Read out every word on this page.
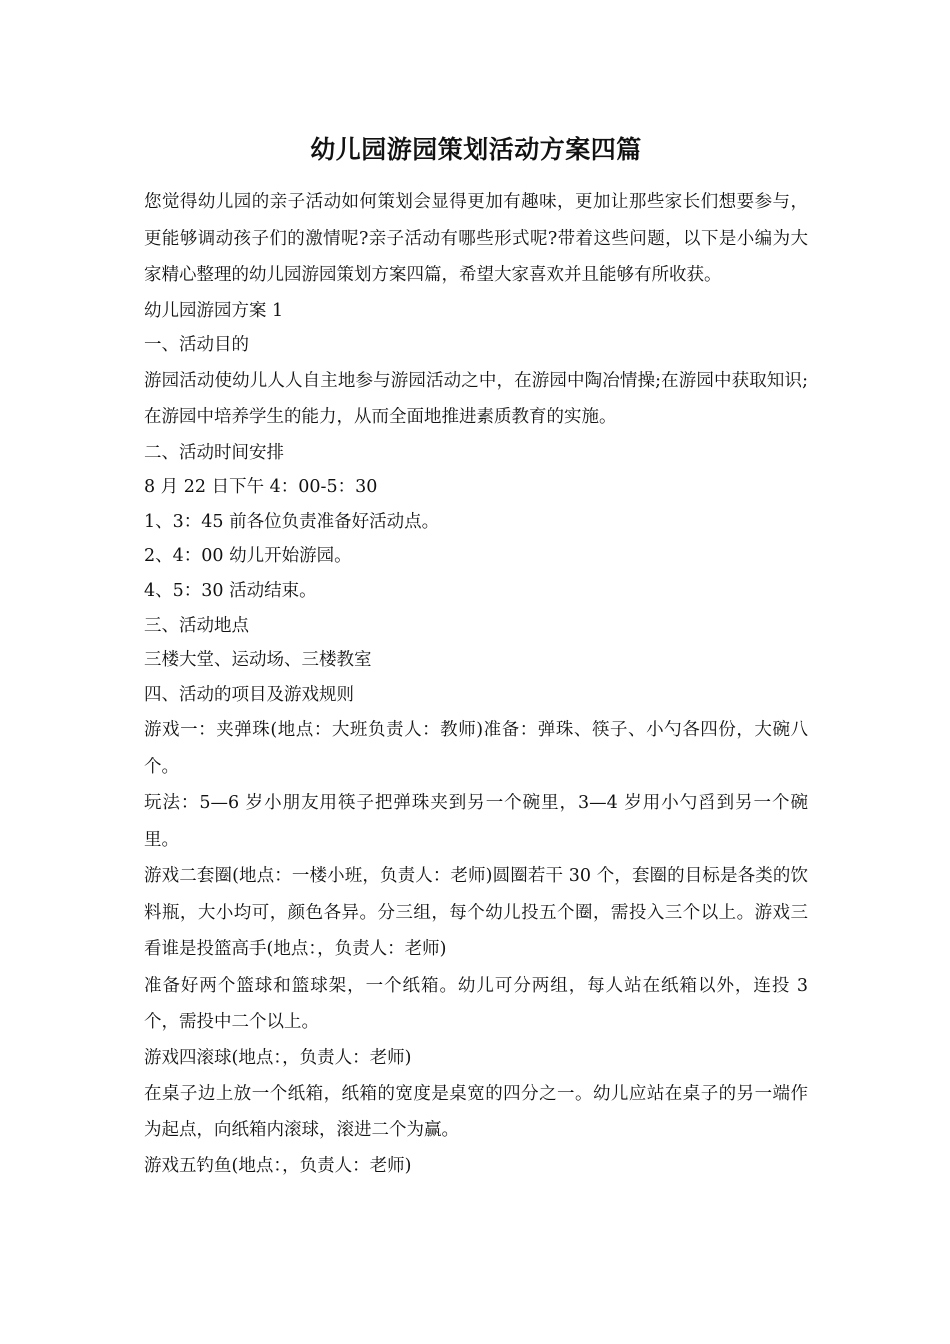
幼儿园游园策划活动方案四篇

您觉得幼儿园的亲子活动如何策划会显得更加有趣味，更加让那些家长们想要参与，更能够调动孩子们的激情呢?亲子活动有哪些形式呢?带着这些问题，以下是小编为大家精心整理的幼儿园游园策划方案四篇，希望大家喜欢并且能够有所收获。

幼儿园游园方案 1

一、活动目的

游园活动使幼儿人人自主地参与游园活动之中，在游园中陶冶情操;在游园中获取知识;在游园中培养学生的能力，从而全面地推进素质教育的实施。

二、活动时间安排

8 月 22 日下午 4：00-5：30

1、3：45 前各位负责准备好活动点。

2、4：00 幼儿开始游园。

4、5：30 活动结束。

三、活动地点

三楼大堂、运动场、三楼教室

四、活动的项目及游戏规则

游戏一：夹弹珠(地点：大班负责人：教师)准备：弹珠、筷子、小勺各四份，大碗八个。

玩法：5—6 岁小朋友用筷子把弹珠夹到另一个碗里，3—4 岁用小勺舀到另一个碗里。

游戏二套圈(地点：一楼小班，负责人：老师)圆圈若干 30 个，套圈的目标是各类的饮料瓶，大小均可，颜色各异。分三组，每个幼儿投五个圈，需投入三个以上。游戏三看谁是投篮高手(地点：，负责人：老师)

准备好两个篮球和篮球架，一个纸箱。幼儿可分两组，每人站在纸箱以外，连投 3 个，需投中二个以上。

游戏四滚球(地点：，负责人：老师)

在桌子边上放一个纸箱，纸箱的宽度是桌宽的四分之一。幼儿应站在桌子的另一端作为起点，向纸箱内滚球，滚进二个为赢。

游戏五钓鱼(地点：，负责人：老师)
